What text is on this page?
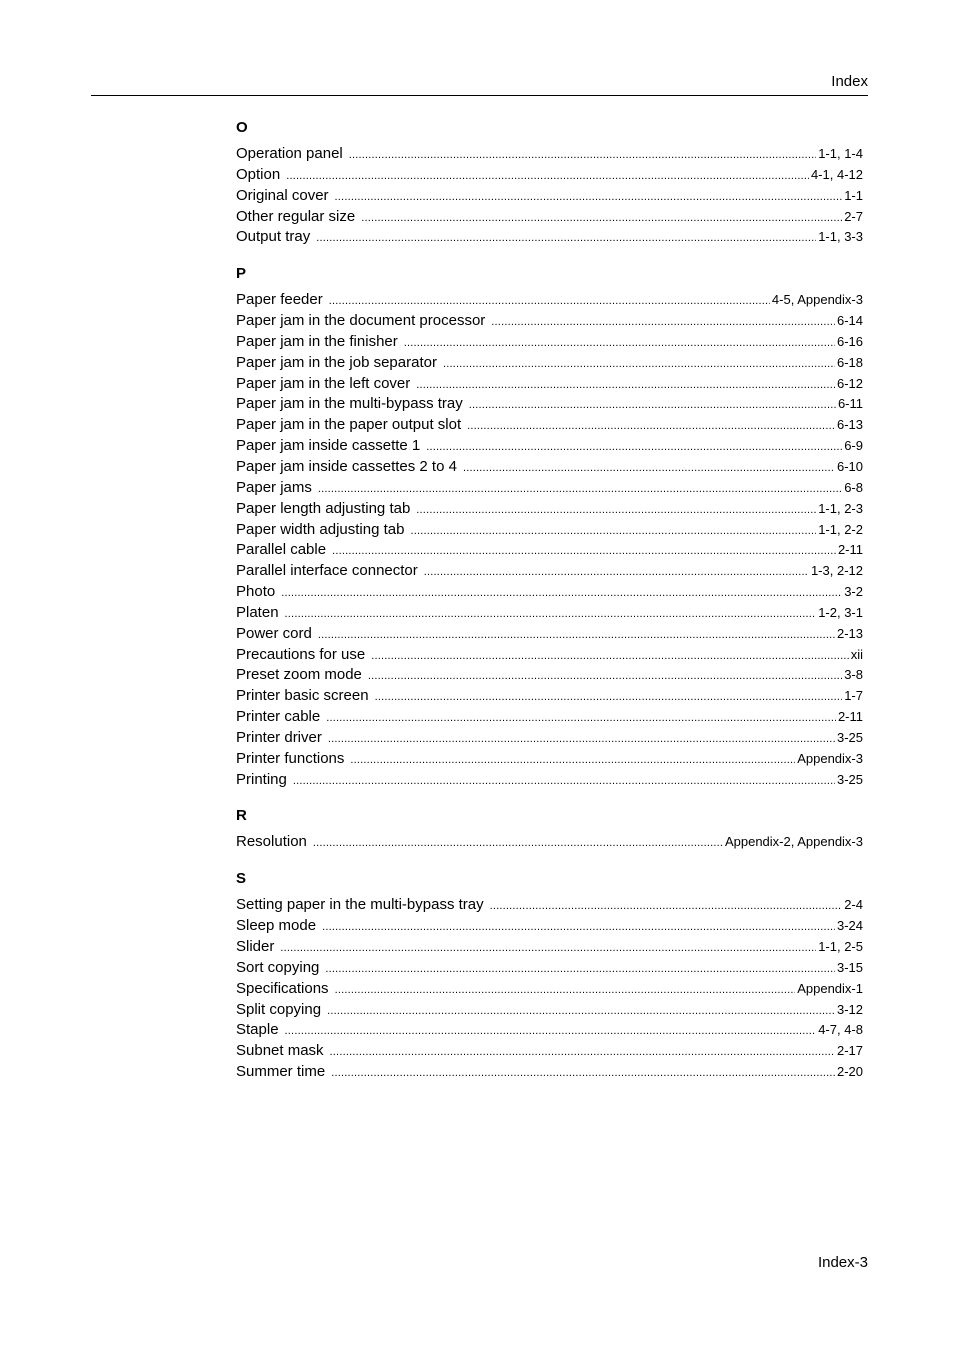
Index
O
Operation panel .....	1-1, 1-4
Option .....	4-1, 4-12
Original cover .....	1-1
Other regular size .....	2-7
Output tray .....	1-1, 3-3
P
Paper feeder .....	4-5, Appendix-3
Paper jam in the document processor .....	6-14
Paper jam in the finisher .....	6-16
Paper jam in the job separator .....	6-18
Paper jam in the left cover .....	6-12
Paper jam in the multi-bypass tray .....	6-11
Paper jam in the paper output slot .....	6-13
Paper jam inside cassette 1 .....	6-9
Paper jam inside cassettes 2 to 4 .....	6-10
Paper jams .....	6-8
Paper length adjusting tab .....	1-1, 2-3
Paper width adjusting tab .....	1-1, 2-2
Parallel cable .....	2-11
Parallel interface connector .....	1-3, 2-12
Photo .....	3-2
Platen .....	1-2, 3-1
Power cord .....	2-13
Precautions for use .....	xii
Preset zoom mode .....	3-8
Printer basic screen .....	1-7
Printer cable .....	2-11
Printer driver .....	3-25
Printer functions .....	Appendix-3
Printing .....	3-25
R
Resolution .....	Appendix-2, Appendix-3
S
Setting paper in the multi-bypass tray .....	2-4
Sleep mode .....	3-24
Slider .....	1-1, 2-5
Sort copying .....	3-15
Specifications .....	Appendix-1
Split copying .....	3-12
Staple .....	4-7, 4-8
Subnet mask .....	2-17
Summer time .....	2-20
Index-3
